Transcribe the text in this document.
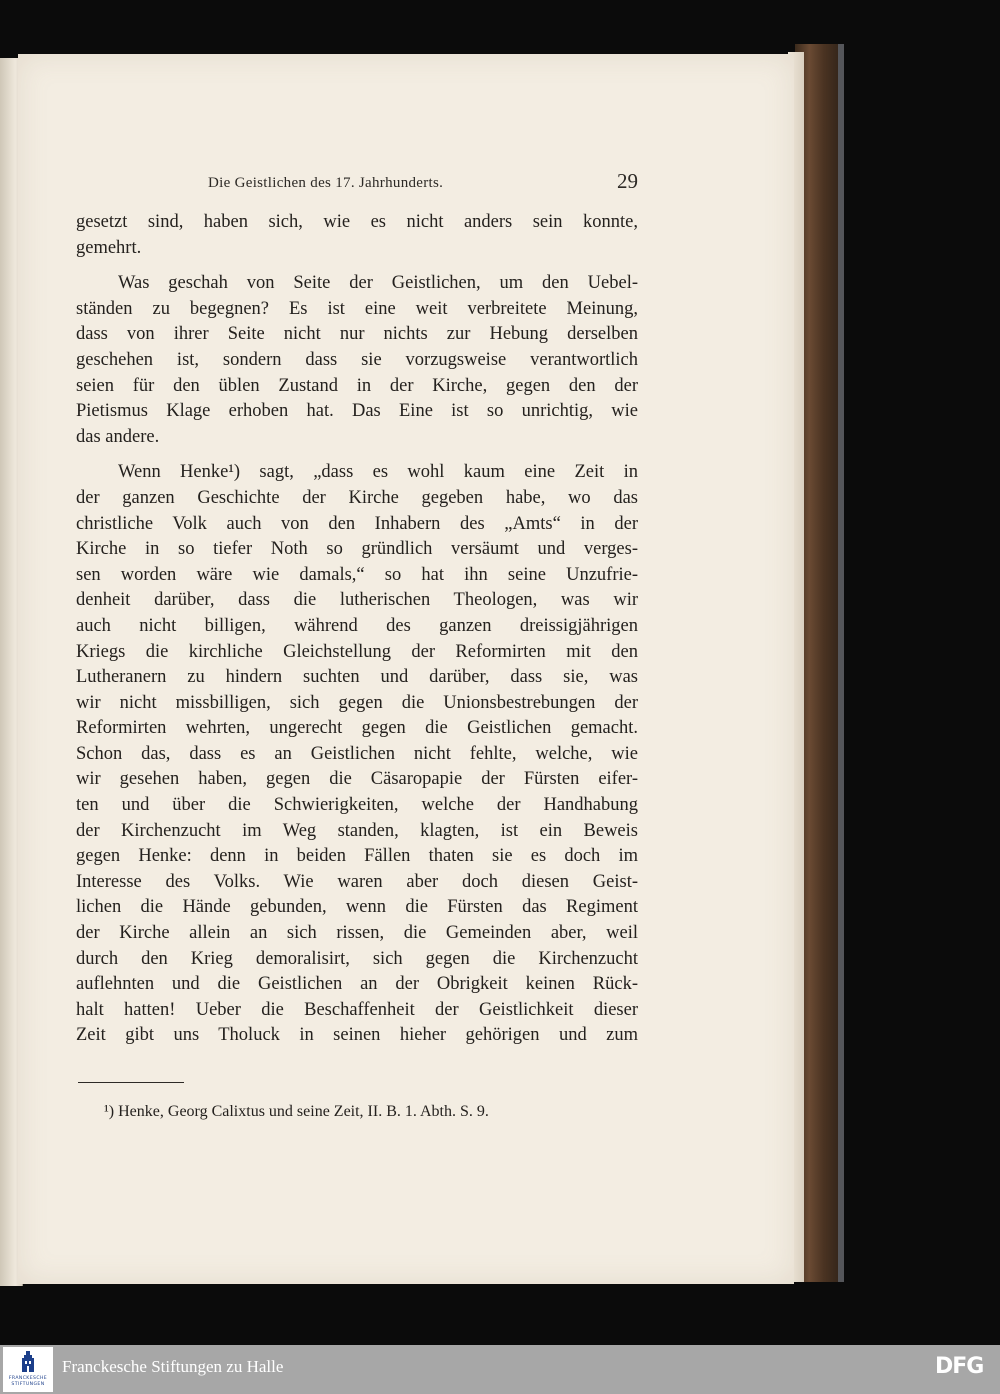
Die Geistlichen des 17. Jahrhunderts.	29
gesetzt sind, haben sich, wie es nicht anders sein konnte,
gemehrt.
Was geschah von Seite der Geistlichen, um den Uebel-
ständen zu begegnen? Es ist eine weit verbreitete Meinung,
dass von ihrer Seite nicht nur nichts zur Hebung derselben
geschehen ist, sondern dass sie vorzugsweise verantwortlich
seien für den üblen Zustand in der Kirche, gegen den der
Pietismus Klage erhoben hat. Das Eine ist so unrichtig, wie
das andere.
Wenn Henke¹) sagt, „dass es wohl kaum eine Zeit in
der ganzen Geschichte der Kirche gegeben habe, wo das
christliche Volk auch von den Inhabern des „Amts“ in der
Kirche in so tiefer Noth so gründlich versäumt und verges-
sen worden wäre wie damals,“ so hat ihn seine Unzufrie-
denheit darüber, dass die lutherischen Theologen, was wir
auch nicht billigen, während des ganzen dreissigjährigen
Kriegs die kirchliche Gleichstellung der Reformirten mit den
Lutheranern zu hindern suchten und darüber, dass sie, was
wir nicht missbilligen, sich gegen die Unionsbestrebungen der
Reformirten wehrten, ungerecht gegen die Geistlichen gemacht.
Schon das, dass es an Geistlichen nicht fehlte, welche, wie
wir gesehen haben, gegen die Cäsaropapie der Fürsten eifer-
ten und über die Schwierigkeiten, welche der Handhabung
der Kirchenzucht im Weg standen, klagten, ist ein Beweis
gegen Henke: denn in beiden Fällen thaten sie es doch im
Interesse des Volks. Wie waren aber doch diesen Geist-
lichen die Hände gebunden, wenn die Fürsten das Regiment
der Kirche allein an sich rissen, die Gemeinden aber, weil
durch den Krieg demoralisirt, sich gegen die Kirchenzucht
auflehnten und die Geistlichen an der Obrigkeit keinen Rück-
halt hatten! Ueber die Beschaffenheit der Geistlichkeit dieser
Zeit gibt uns Tholuck in seinen hieher gehörigen und zum
¹) Henke, Georg Calixtus und seine Zeit, II. B. 1. Abth. S. 9.
FRANCKESCHE
STIFTUNGEN
Franckesche Stiftungen zu Halle	DFG
